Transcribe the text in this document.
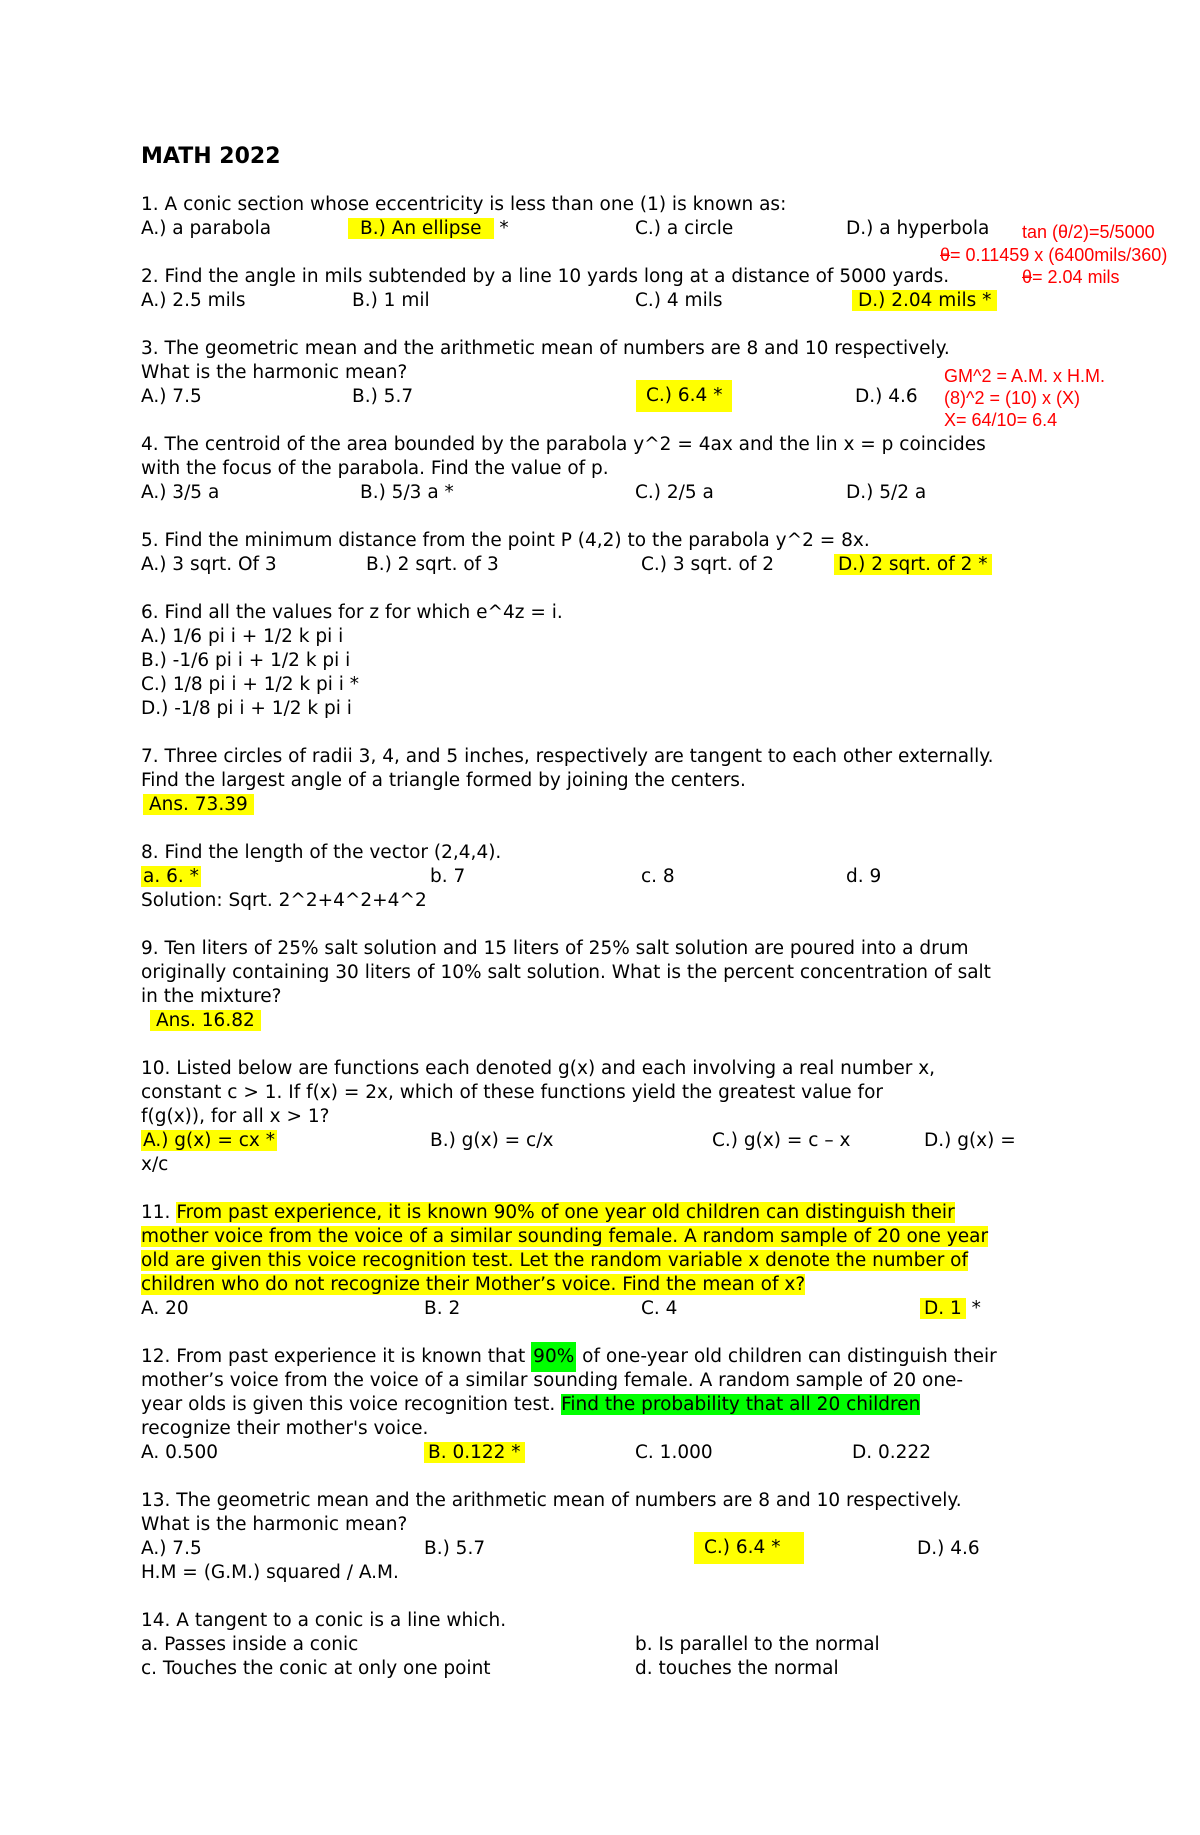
MATH 2022
1. A conic section whose eccentricity is less than one (1) is known as:
A.) a parabola	B.) An ellipse *	C.) a circle	D.) a hyperbola tan (θ/2)=5/5000
θ= 0.11459 x (6400mils/360)
θ= 2.04 mils
2. Find the angle in mils subtended by a line 10 yards long at a distance of 5000 yards.
A.) 2.5 mils	B.) 1 mil	C.) 4 mils	D.) 2.04 mils *
3. The geometric mean and the arithmetic mean of numbers are 8 and 10 respectively.
What is the harmonic mean?
A.) 7.5	B.) 5.7	C.) 6.4 *	D.) 4.6
GM^2 = A.M. x H.M.
(8)^2 = (10) x (X)
X= 64/10= 6.4
4. The centroid of the area bounded by the parabola y^2 = 4ax and the lin x = p coincides
with the focus of the parabola. Find the value of p.
A.) 3/5 a	B.) 5/3 a *	C.) 2/5 a	D.) 5/2 a
5. Find the minimum distance from the point P (4,2) to the parabola y^2 = 8x.
A.) 3 sqrt. Of 3	B.) 2 sqrt. of 3	C.) 3 sqrt. of 2	D.) 2 sqrt. of 2 *
6. Find all the values for z for which e^4z = i.
A.) 1/6 pi i + 1/2 k pi i
B.) -1/6 pi i + 1/2 k pi i
C.) 1/8 pi i + 1/2 k pi i *
D.) -1/8 pi i + 1/2 k pi i
7. Three circles of radii 3, 4, and 5 inches, respectively are tangent to each other externally.
Find the largest angle of a triangle formed by joining the centers.
Ans. 73.39
8. Find the length of the vector (2,4,4).
a. 6. *	b. 7	c. 8	d. 9
Solution: Sqrt. 2^2+4^2+4^2
9. Ten liters of 25% salt solution and 15 liters of 25% salt solution are poured into a drum
originally containing 30 liters of 10% salt solution. What is the percent concentration of salt
in the mixture?
Ans. 16.82
10. Listed below are functions each denoted g(x) and each involving a real number x,
constant c > 1. If f(x) = 2x, which of these functions yield the greatest value for
f(g(x)), for all x > 1?
A.) g(x) = cx *	B.) g(x) = c/x	C.) g(x) = c – x	D.) g(x) =
x/c
11. From past experience, it is known 90% of one year old children can distinguish their
mother voice from the voice of a similar sounding female. A random sample of 20 one year
old are given this voice recognition test. Let the random variable x denote the number of
children who do not recognize their Mother’s voice. Find the mean of x?
A. 20	B. 2	C. 4	D. 1 *
12. From past experience it is known that 90% of one-year old children can distinguish their
mother’s voice from the voice of a similar sounding female. A random sample of 20 one-
year olds is given this voice recognition test. Find the probability that all 20 children
recognize their mother's voice.
A. 0.500	B. 0.122 *	C. 1.000	D. 0.222
13. The geometric mean and the arithmetic mean of numbers are 8 and 10 respectively.
What is the harmonic mean?
A.) 7.5	B.) 5.7	C.) 6.4 *	D.) 4.6
H.M = (G.M.) squared / A.M.
14. A tangent to a conic is a line which.
a. Passes inside a conic	b. Is parallel to the normal
c. Touches the conic at only one point	d. touches the normal
